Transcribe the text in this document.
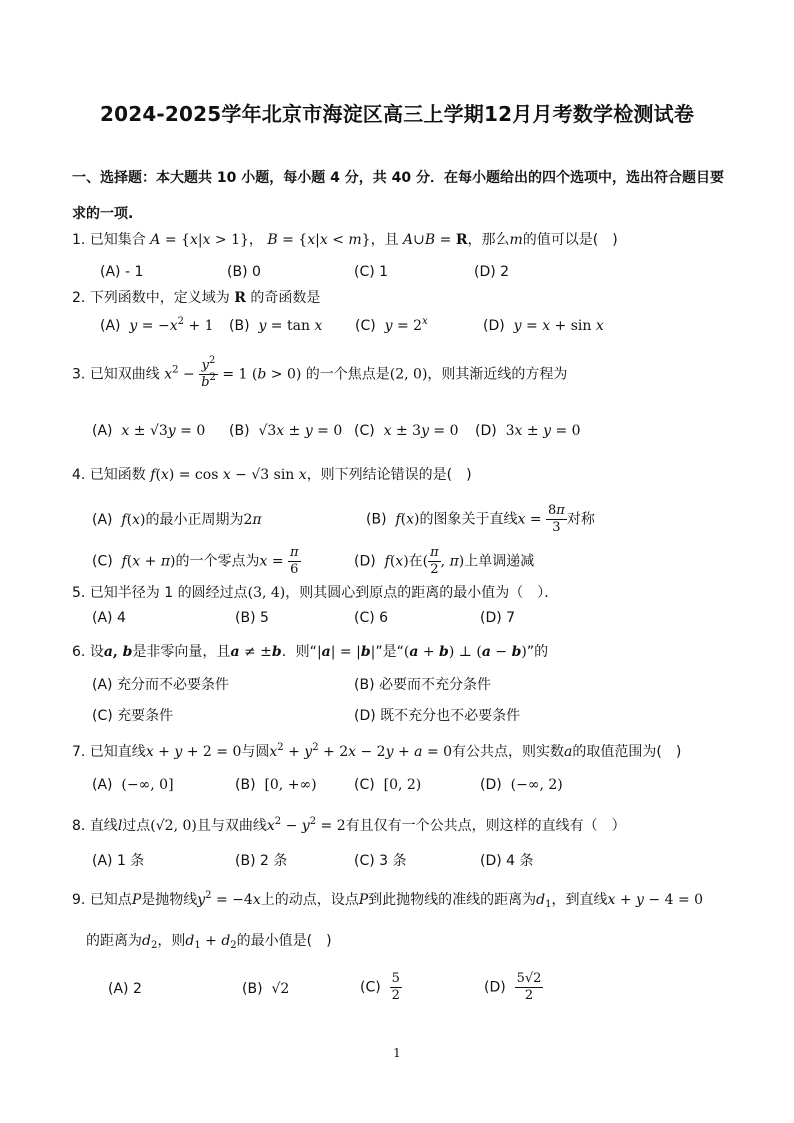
2024-2025学年北京市海淀区高三上学期12月月考数学检测试卷
一、选择题：本大题共 10 小题，每小题 4 分，共 40 分．在每小题给出的四个选项中，选出符合题目要求的一项.
1. 已知集合 A = {x|x > 1}， B = {x|x < m}，且 A∪B = R，那么m的值可以是(　)
(A) - 1	(B) 0	(C) 1	(D) 2
2. 下列函数中，定义域为 R 的奇函数是
(A) $y = -x^2 + 1$ (B) y = tan x (C) $y = 2^x$	(D) y = x + sin x
3. 已知双曲线 $x^2 - \frac{y^2}{b^2} = 1$ (b > 0) 的一个焦点是(2, 0)，则其渐近线的方程为
(A) x ± √3y = 0 (B) √3x ± y = 0 (C) x ± 3y = 0 (D) 3x ± y = 0
4. 已知函数 f(x) = cos x − √3 sin x，则下列结论错误的是(　)
(A) f(x)的最小正周期为2π	(B) f(x)的图象关于直线$x = \frac{8\pi}{3}$ 对称
(C) f(x + π)的一个零点为$x = \frac{\pi}{6}$	(D) f(x)在( $\frac{\pi}{2}$ , π)上单调递减
5. 已知半径为 1 的圆经过点(3, 4)，则其圆心到原点的距离的最小值为（　）．
(A) 4	(B) 5	(C) 6	(D) 7
6. 设a, b是非零向量，且a ≠ ±b．则“|a| = |b|”是“(a + b) ⊥ (a − b)”的
(A) 充分而不必要条件	(B) 必要而不充分条件
(C) 充要条件	(D) 既不充分也不必要条件
7. 已知直线x + y + 2 = 0与圆$x^2 + y^2 + 2x - 2y + a = 0$有公共点，则实数a的取值范围为(　)
(A) (−∞, 0]	(B) [0, +∞)	(C) [0, 2)	(D) (−∞, 2)
8. 直线l过点(√2, 0)且与双曲线$x^2 - y^2 = 2$有且仅有一个公共点，则这样的直线有（　）
(A) 1 条	(B) 2 条	(C) 3 条	(D) 4 条
9. 已知点P是抛物线$y^2 = -4x$上的动点，设点P到此抛物线的准线的距离为$d_1$，到直线x + y − 4 = 0
的距离为$d_2$，则$d_1 + d_2$的最小值是(　)
(A) 2	(B) √2	$(C) \frac{5}{2}$	$(D) \frac{5√2}{2}$
1
